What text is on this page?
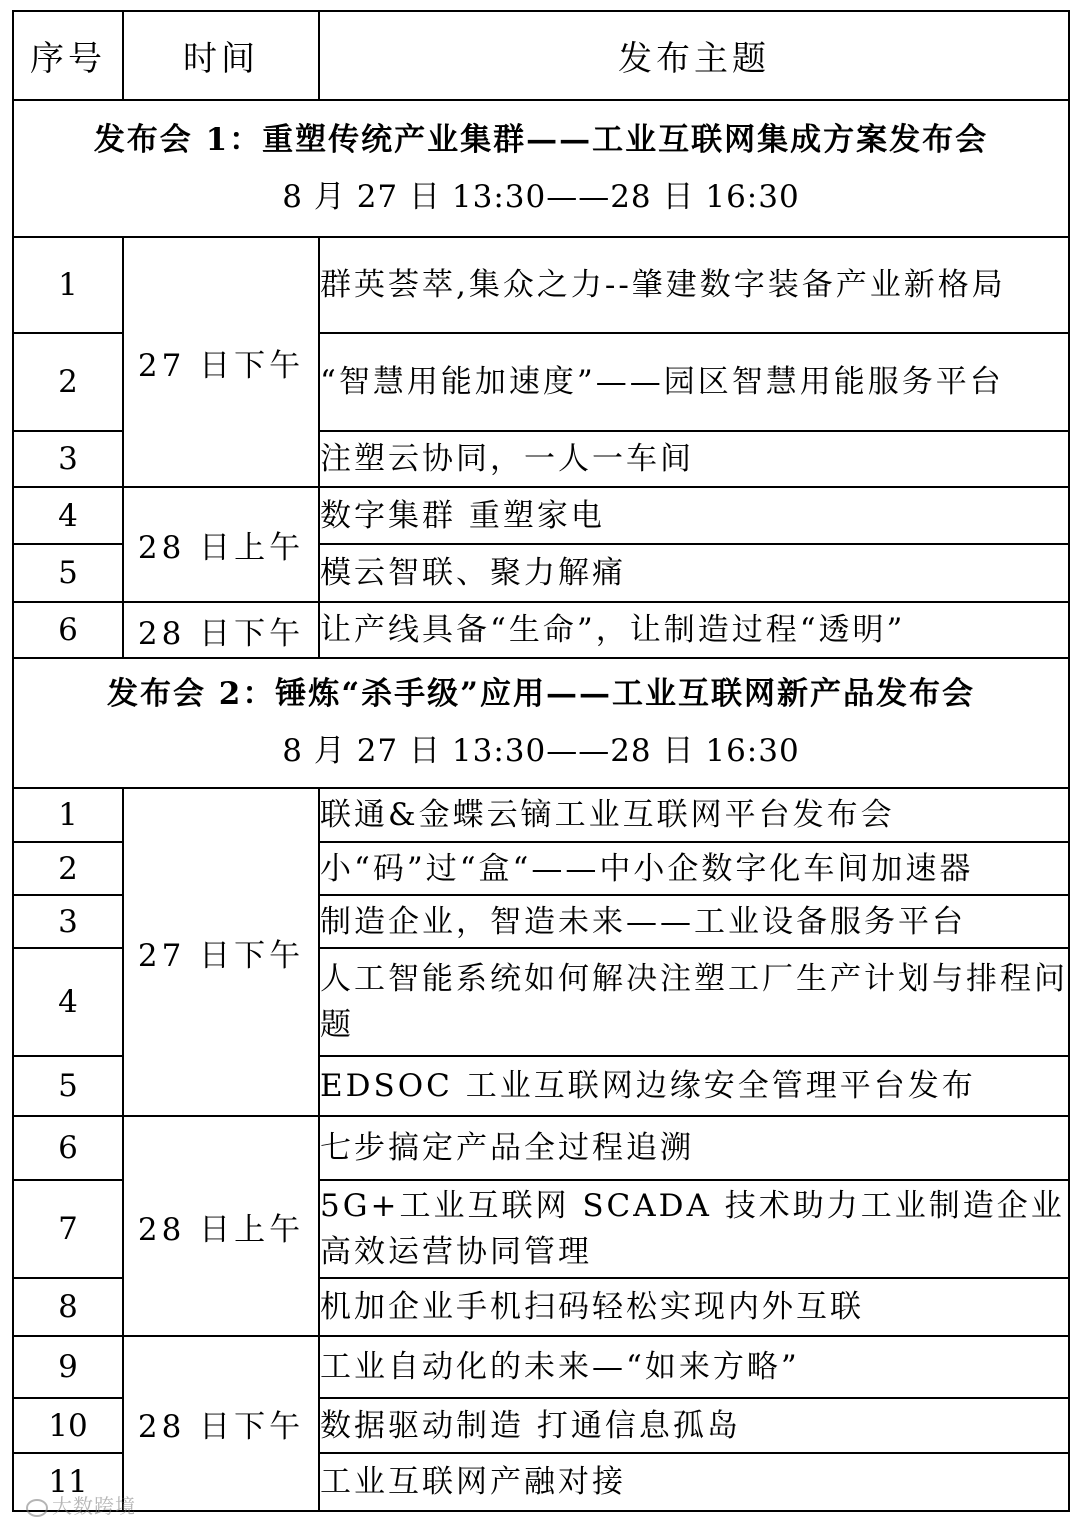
序号	时间	发布主题

发布会 1：重塑传统产业集群——工业互联网集成方案发布会
8 月 27 日 13:30——28 日 16:30		

1	27 日下午	群英荟萃,集众之力--肇建数字装备产业新格局
2		“智慧用能加速度”——园区智慧用能服务平台
3		注塑云协同，一人一车间
4	28 日上午	数字集群 重塑家电
5		模云智联、聚力解痛
6	28 日下午	让产线具备“生命”，让制造过程“透明”

发布会 2：锤炼“杀手级”应用——工业互联网新产品发布会
8 月 27 日 13:30——28 日 16:30		

1	27 日下午	联通&金蝶云镝工业互联网平台发布会
2		小“码”过“盒“——中小企数字化车间加速器
3		制造企业，智造未来——工业设备服务平台
4		人工智能系统如何解决注塑工厂生产计划与排程问题
5		EDSOC 工业互联网边缘安全管理平台发布
6	28 日上午	七步搞定产品全过程追溯
7		5G+工业互联网 SCADA 技术助力工业制造企业高效运营协同管理
8		机加企业手机扫码轻松实现内外互联
9	28 日下午	工业自动化的未来—“如来方略”
10		数据驱动制造 打通信息孤岛
11		工业互联网产融对接
大数跨境
